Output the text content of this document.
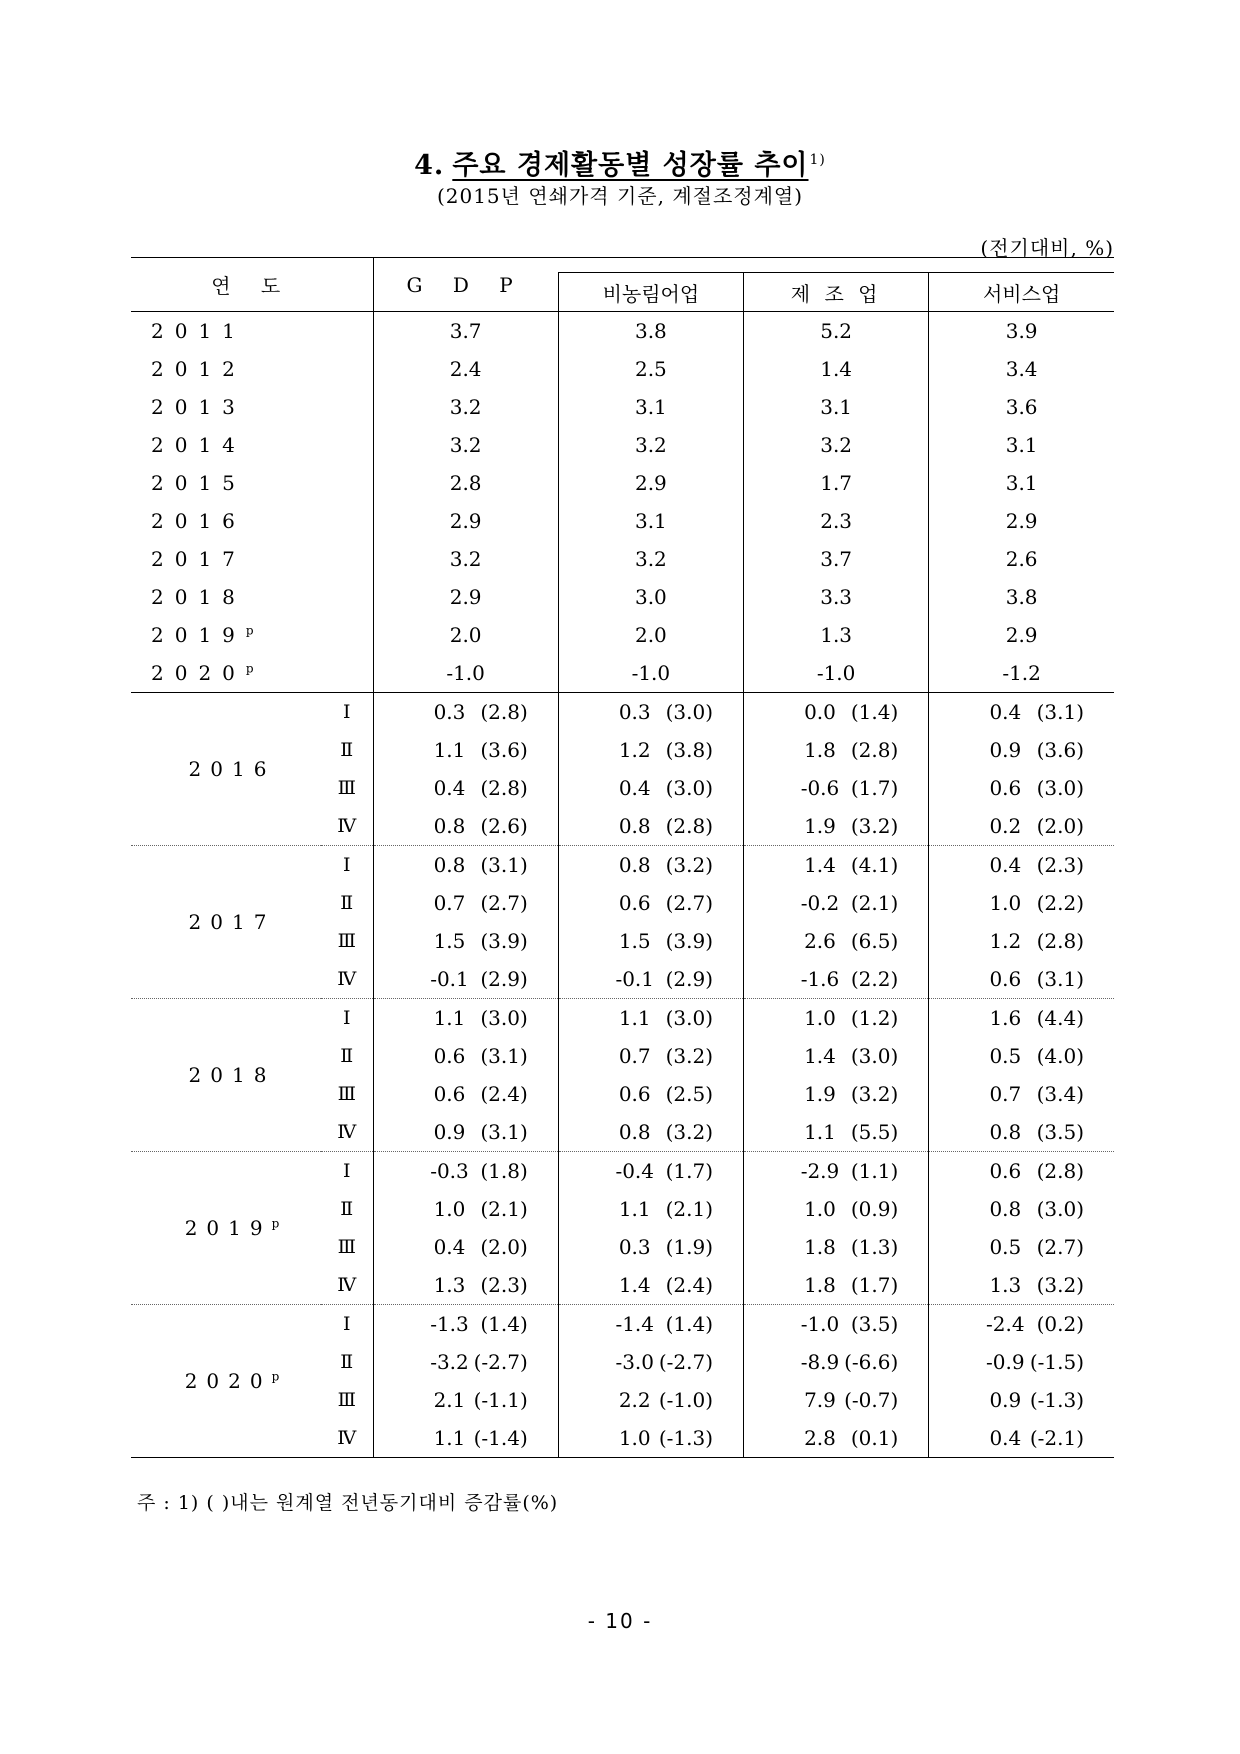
4. 주요 경제활동별 성장률 추이$^{1)}$
(2015년 연쇄가격 기준, 계절조정계열)
(전기대비, %)
연 도		G D P			
			비농림어업	제 조 업	서비스업
2011		3.7	3.8	5.2	3.9
2012		2.4	2.5	1.4	3.4
2013		3.2	3.1	3.1	3.6
2014		3.2	3.2	3.2	3.1
2015		2.8	2.9	1.7	3.1
2016		2.9	3.1	2.3	2.9
2017		3.2	3.2	3.7	2.6
2018		2.9	3.0	3.3	3.8
2019$^p$		2.0	2.0	1.3	2.9
2020$^p$		-1.0	-1.0	-1.0	-1.2
2016	Ⅰ	0.3 (2.8)	0.3 (3.0)	0.0 (1.4)	0.4 (3.1)

	Ⅱ	1.1 (3.6)	1.2 (3.8)	1.8 (2.8)	0.9 (3.6)

	Ⅲ	0.4 (2.8)	0.4 (3.0)	-0.6 (1.7)	0.6 (3.0)

	Ⅳ	0.8 (2.6)	0.8 (2.8)	1.9 (3.2)	0.2 (2.0)

2017	Ⅰ	0.8 (3.1)	0.8 (3.2)	1.4 (4.1)	0.4 (2.3)

	Ⅱ	0.7 (2.7)	0.6 (2.7)	-0.2 (2.1)	1.0 (2.2)

	Ⅲ	1.5 (3.9)	1.5 (3.9)	2.6 (6.5)	1.2 (2.8)

	Ⅳ	-0.1 (2.9)	-0.1 (2.9)	-1.6 (2.2)	0.6 (3.1)

2018	Ⅰ	1.1 (3.0)	1.1 (3.0)	1.0 (1.2)	1.6 (4.4)

	Ⅱ	0.6 (3.1)	0.7 (3.2)	1.4 (3.0)	0.5 (4.0)

	Ⅲ	0.6 (2.4)	0.6 (2.5)	1.9 (3.2)	0.7 (3.4)

	Ⅳ	0.9 (3.1)	0.8 (3.2)	1.1 (5.5)	0.8 (3.5)

2019$^p$	Ⅰ	-0.3 (1.8)	-0.4 (1.7)	-2.9 (1.1)	0.6 (2.8)

	Ⅱ	1.0 (2.1)	1.1 (2.1)	1.0 (0.9)	0.8 (3.0)

	Ⅲ	0.4 (2.0)	0.3 (1.9)	1.8 (1.3)	0.5 (2.7)

	Ⅳ	1.3 (2.3)	1.4 (2.4)	1.8 (1.7)	1.3 (3.2)

2020$^p$	Ⅰ	-1.3 (1.4)	-1.4 (1.4)	-1.0 (3.5)	-2.4 (0.2)

	Ⅱ	-3.2 (-2.7)	-3.0 (-2.7)	-8.9 (-6.6)	-0.9 (-1.5)

	Ⅲ	2.1 (-1.1)	2.2 (-1.0)	7.9 (-0.7)	0.9 (-1.3)

	Ⅳ	1.1 (-1.4)	1.0 (-1.3)	2.8 (0.1)	0.4 (-2.1)
주 : 1) ( )내는 원계열 전년동기대비 증감률(%)
- 10 -
